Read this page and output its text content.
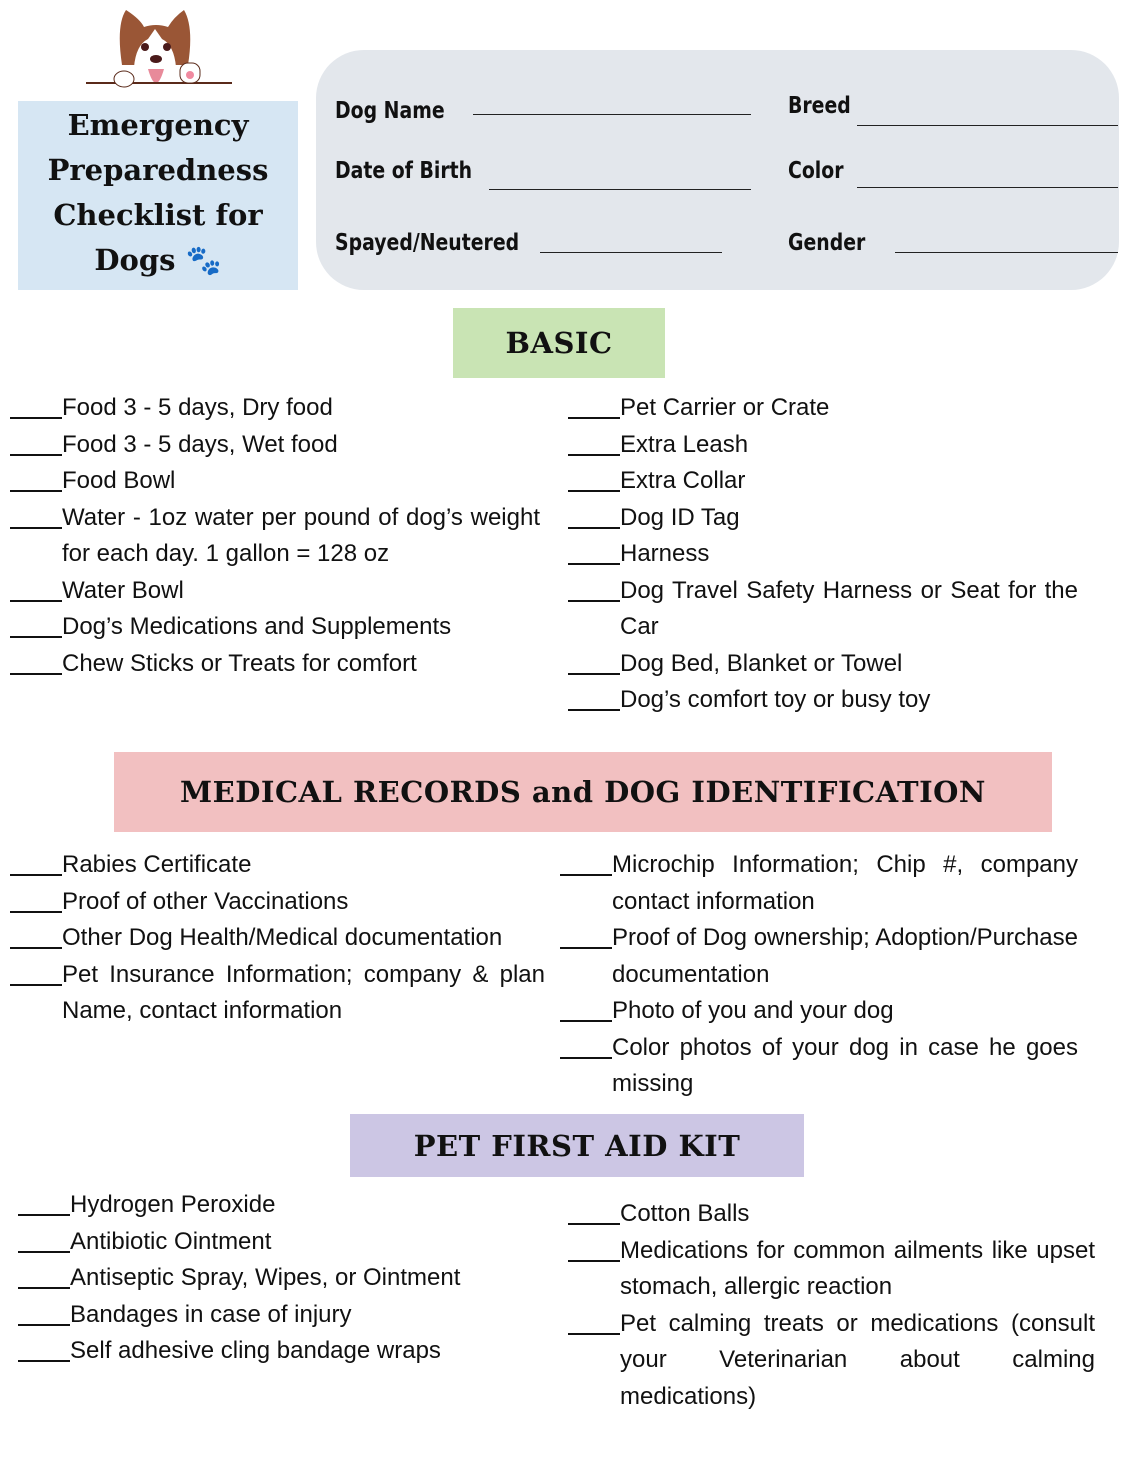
Emergency
Preparedness
Checklist for
Dogs 🐾
Dog Name	Breed
Date of Birth	Color
Spayed/Neutered	Gender
BASIC
Food 3 - 5 days, Dry food
Food 3 - 5 days, Wet food
Food Bowl
Water - 1oz water per pound of dog’s weight for each day. 1 gallon = 128 oz
Water Bowl
Dog’s Medications and Supplements
Chew Sticks or Treats for comfort
Pet Carrier or Crate
Extra Leash
Extra Collar
Dog ID Tag
Harness
Dog Travel Safety Harness or Seat for the Car
Dog Bed, Blanket or Towel
Dog’s comfort toy or busy toy
MEDICAL RECORDS and DOG IDENTIFICATION
Rabies Certificate
Proof of other Vaccinations
Other Dog Health/Medical documentation
Pet Insurance Information; company & plan Name, contact information
Microchip Information; Chip #, company contact information
Proof of Dog ownership; Adoption/Purchase documentation
Photo of you and your dog
Color photos of your dog in case he goes missing
PET FIRST AID KIT
Hydrogen Peroxide
Antibiotic Ointment
Antiseptic Spray, Wipes, or Ointment
Bandages in case of injury
Self adhesive cling bandage wraps
Cotton Balls
Medications for common ailments like upset stomach, allergic reaction
Pet calming treats or medications (consult your Veterinarian about calming medications)
